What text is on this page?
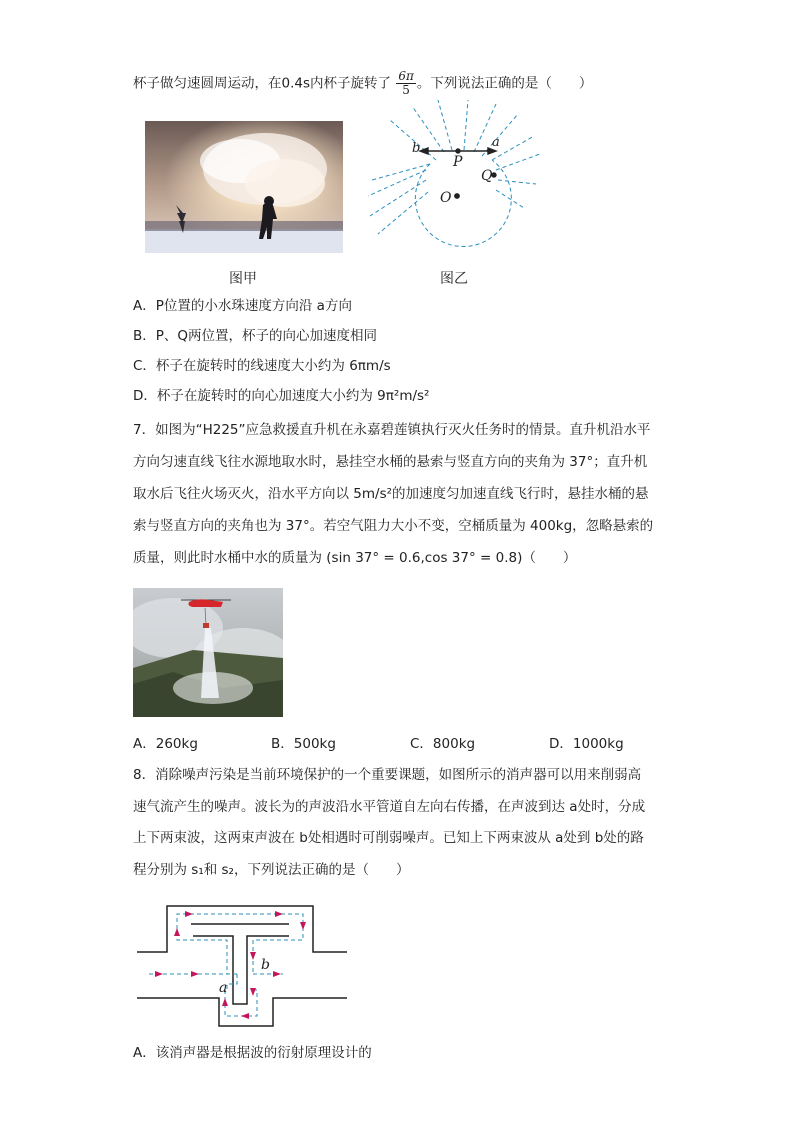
杯子做匀速圆周运动，在0.4s内杯子旋转了 $\frac{6\pi}{5}$ 。下列说法正确的是（　　）
b
P
a
Q
O
图甲	图乙
A．P位置的小水珠速度方向沿 a方向
B．P、Q两位置，杯子的向心加速度相同
C．杯子在旋转时的线速度大小约为 6πm/s
D．杯子在旋转时的向心加速度大小约为 9π²m/s²
7．如图为“H225”应急救援直升机在永嘉碧莲镇执行灭火任务时的情景。直升机沿水平
方向匀速直线飞往水源地取水时，悬挂空水桶的悬索与竖直方向的夹角为 37°；直升机
取水后飞往火场灭火，沿水平方向以 5m/s²的加速度匀加速直线飞行时，悬挂水桶的悬
索与竖直方向的夹角也为 37°。若空气阻力大小不变，空桶质量为 400kg，忽略悬索的
质量，则此时水桶中水的质量为 (sin 37° = 0.6,cos 37° = 0.8)（　　）
A．260kg	B．500kg	C．800kg	D．1000kg
8．消除噪声污染是当前环境保护的一个重要课题，如图所示的消声器可以用来削弱高
速气流产生的噪声。波长为的声波沿水平管道自左向右传播，在声波到达 a处时，分成
上下两束波，这两束声波在 b处相遇时可削弱噪声。已知上下两束波从 a处到 b处的路
程分别为 s₁和 s₂，下列说法正确的是（　　）
a
b
A．该消声器是根据波的衍射原理设计的
